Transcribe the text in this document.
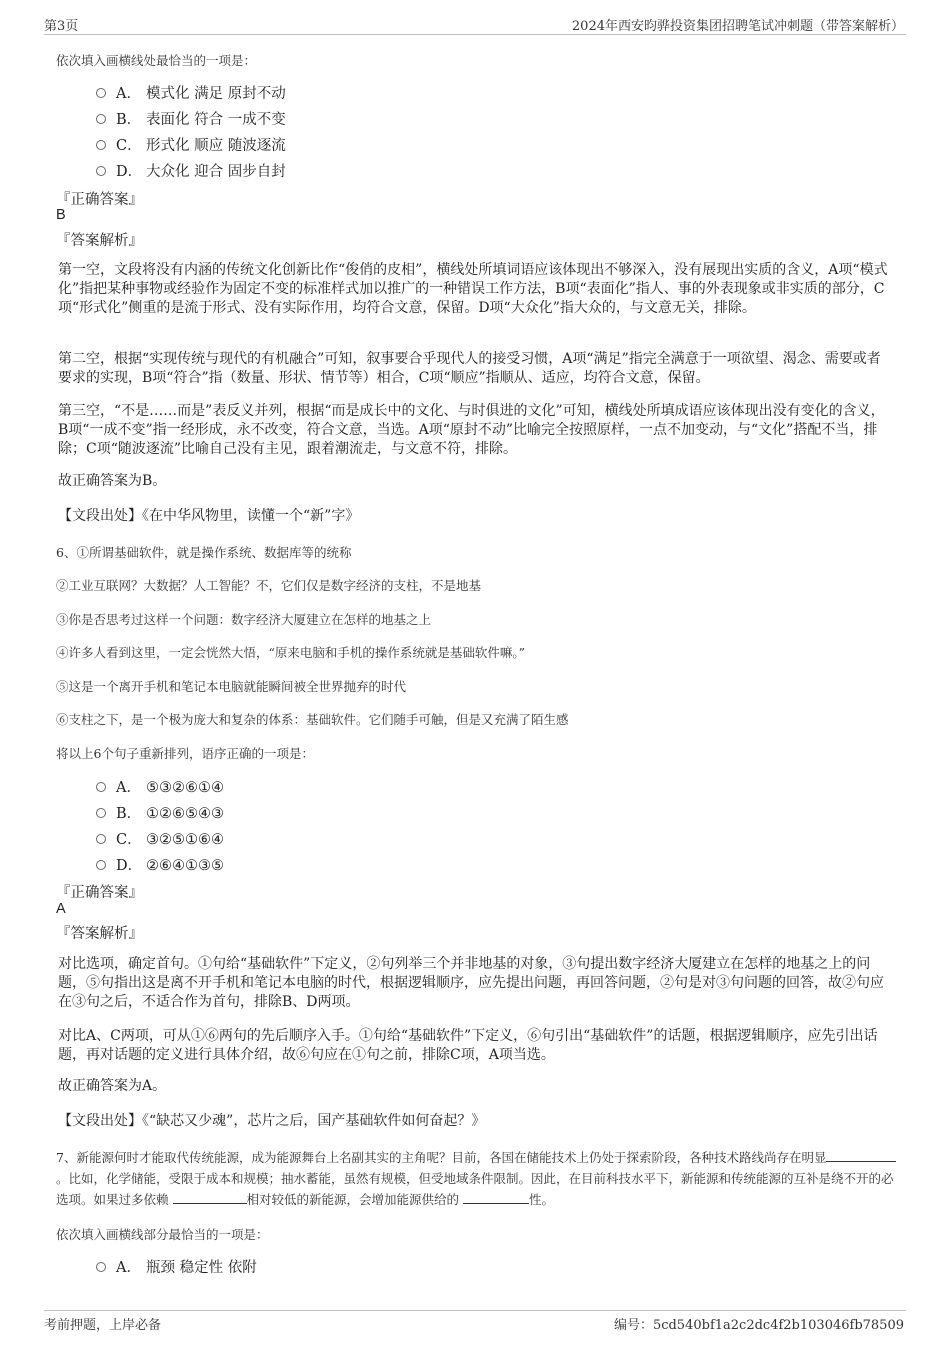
第3页	2024年西安昀骅投资集团招聘笔试冲刺题（带答案解析）
依次填入画横线处最恰当的一项是：
A． 模式化 满足 原封不动
B． 表面化 符合 一成不变
C． 形式化 顺应 随波逐流
D． 大众化 迎合 固步自封
『正确答案』
B
『答案解析』

第一空，文段将没有内涵的传统文化创新比作“俊俏的皮相”，横线处所填词语应该体现出不够深入，没有展现出实质的含义，A项“模式化”指把某种事物或经验作为固定不变的标准样式加以推广的一种错误工作方法，B项“表面化”指人、事的外表现象或非实质的部分，C项“形式化”侧重的是流于形式、没有实际作用，均符合文意，保留。D项“大众化”指大众的，与文意无关，排除。

第二空，根据“实现传统与现代的有机融合”可知，叙事要合乎现代人的接受习惯，A项“满足”指完全满意于一项欲望、渴念、需要或者要求的实现，B项“符合”指（数量、形状、情节等）相合，C项“顺应”指顺从、适应，均符合文意，保留。

第三空，“不是……而是”表反义并列，根据“而是成长中的文化、与时俱进的文化”可知，横线处所填成语应该体现出没有变化的含义，B项“一成不变”指一经形成，永不改变，符合文意，当选。A项“原封不动”比喻完全按照原样，一点不加变动，与“文化”搭配不当，排除；C项“随波逐流”比喻自己没有主见，跟着潮流走，与文意不符，排除。

故正确答案为B。

【文段出处】《在中华风物里，读懂一个“新”字》

6、①所谓基础软件，就是操作系统、数据库等的统称
②工业互联网？大数据？人工智能？不，它们仅是数字经济的支柱，不是地基
③你是否思考过这样一个问题：数字经济大厦建立在怎样的地基之上
④许多人看到这里，一定会恍然大悟，“原来电脑和手机的操作系统就是基础软件嘛。”
⑤这是一个离开手机和笔记本电脑就能瞬间被全世界抛弃的时代
⑥支柱之下，是一个极为庞大和复杂的体系：基础软件。它们随手可触，但是又充满了陌生感
将以上6个句子重新排列，语序正确的一项是：
A． ⑤③②⑥①④
B． ①②⑥⑤④③
C． ③②⑤①⑥④
D． ②⑥④①③⑤
『正确答案』
A
『答案解析』

对比选项，确定首句。①句给“基础软件”下定义，②句列举三个并非地基的对象，③句提出数字经济大厦建立在怎样的地基之上的问题，⑤句指出这是离不开手机和笔记本电脑的时代，根据逻辑顺序，应先提出问题，再回答问题，②句是对③句问题的回答，故②句应在③句之后，不适合作为首句，排除B、D两项。

对比A、C两项，可从①⑥两句的先后顺序入手。①句给“基础软件”下定义，⑥句引出“基础软件”的话题，根据逻辑顺序，应先引出话题，再对话题的定义进行具体介绍，故⑥句应在①句之前，排除C项，A项当选。

故正确答案为A。

【文段出处】《“缺芯又少魂”，芯片之后，国产基础软件如何奋起？》

7、新能源何时才能取代传统能源，成为能源舞台上名副其实的主角呢？目前，各国在储能技术上仍处于探索阶段，各种技术路线尚存在明显。比如，化学储能，受限于成本和规模；抽水蓄能，虽然有规模，但受地域条件限制。因此，在目前科技水平下，新能源和传统能源的互补是绕不开的必选项。如果过多依赖	相对较低的新能源，会增加能源供给的	性。

依次填入画横线部分最恰当的一项是：
A． 瓶颈 稳定性 依附
考前押题，上岸必备	编号：5cd540bf1a2c2dc4f2b103046fb78509
